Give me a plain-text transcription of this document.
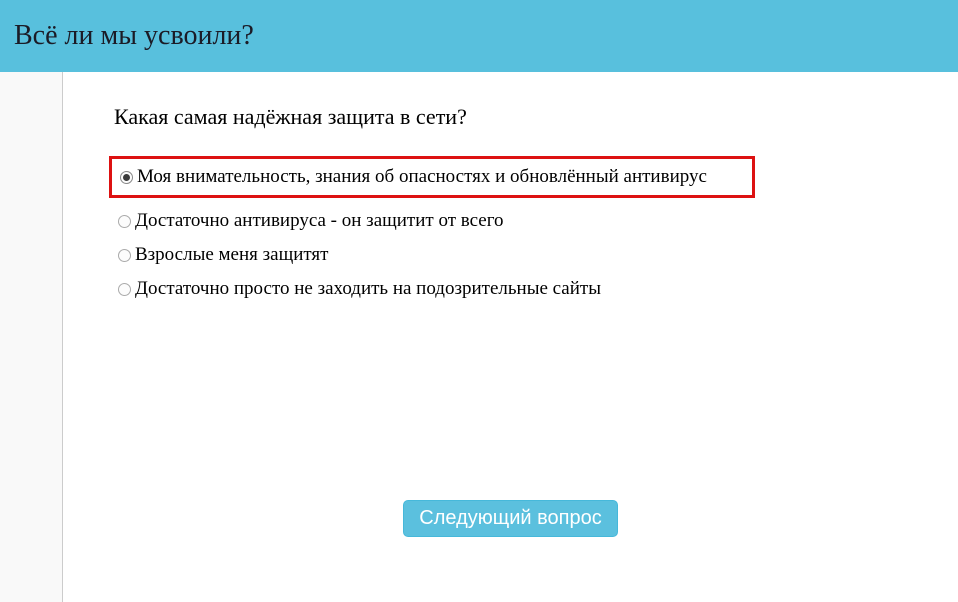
Всё ли мы усвоили?
Какая самая надёжная защита в сети?
Моя внимательность, знания об опасностях и обновлённый антивирус
Достаточно антивируса - он защитит от всего
Взрослые меня защитят
Достаточно просто не заходить на подозрительные сайты
Следующий вопрос
